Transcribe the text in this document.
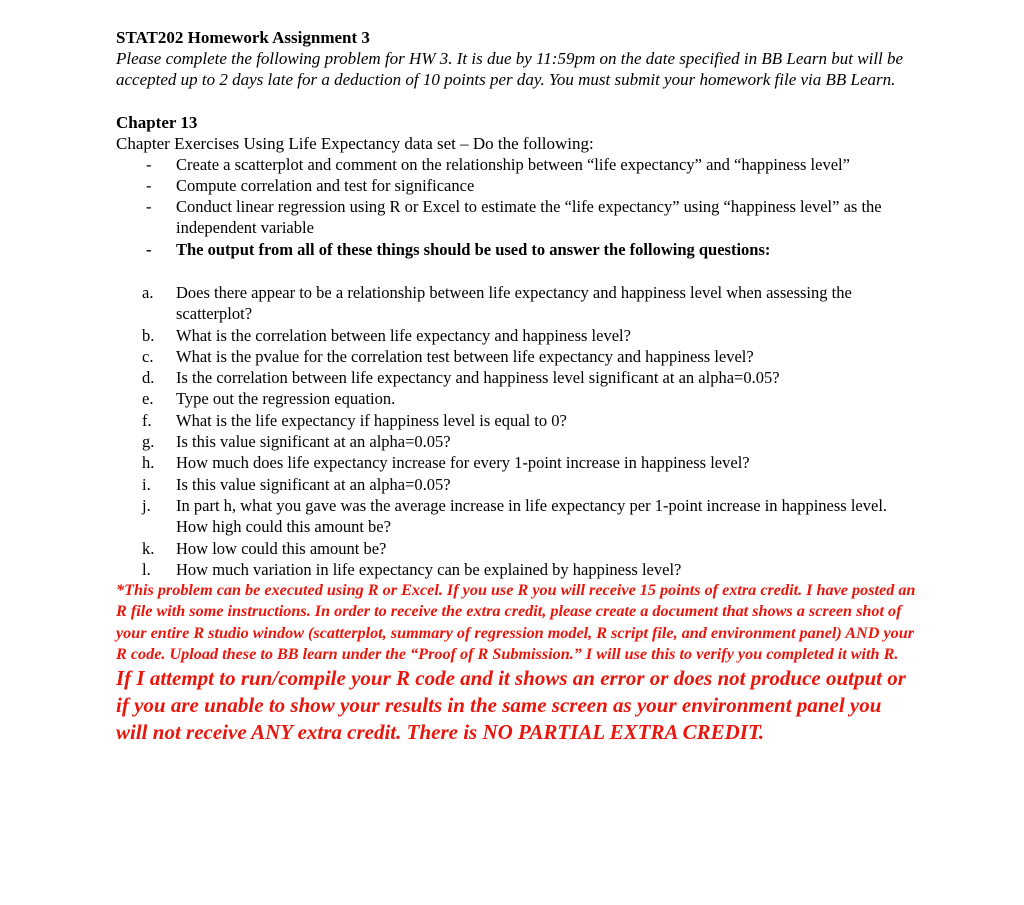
STAT202 Homework Assignment 3

Please complete the following problem for HW 3. It is due by 11:59pm on the date specified in BB Learn but will be accepted up to 2 days late for a deduction of 10 points per day. You must submit your homework file via BB Learn.

Chapter 13

Chapter Exercises Using Life Expectancy data set – Do the following:

- Create a scatterplot and comment on the relationship between “life expectancy” and “happiness level”
- Compute correlation and test for significance
- Conduct linear regression using R or Excel to estimate the “life expectancy” using “happiness level” as the independent variable
- The output from all of these things should be used to answer the following questions:
a. Does there appear to be a relationship between life expectancy and happiness level when assessing the scatterplot?
b. What is the correlation between life expectancy and happiness level?
c. What is the pvalue for the correlation test between life expectancy and happiness level?
d. Is the correlation between life expectancy and happiness level significant at an alpha=0.05?
e. Type out the regression equation.
f. What is the life expectancy if happiness level is equal to 0?
g. Is this value significant at an alpha=0.05?
h. How much does life expectancy increase for every 1-point increase in happiness level?
i. Is this value significant at an alpha=0.05?
j. In part h, what you gave was the average increase in life expectancy per 1-point increase in happiness level. How high could this amount be?
k. How low could this amount be?
l. How much variation in life expectancy can be explained by happiness level?

*This problem can be executed using R or Excel. If you use R you will receive 15 points of extra credit. I have posted an R file with some instructions. In order to receive the extra credit, please create a document that shows a screen shot of your entire R studio window (scatterplot, summary of regression model, R script file, and environment panel) AND your R code. Upload these to BB learn under the “Proof of R Submission.” I will use this to verify you completed it with R.

If I attempt to run/compile your R code and it shows an error or does not produce output or if you are unable to show your results in the same screen as your environment panel you will not receive ANY extra credit. There is NO PARTIAL EXTRA CREDIT.
